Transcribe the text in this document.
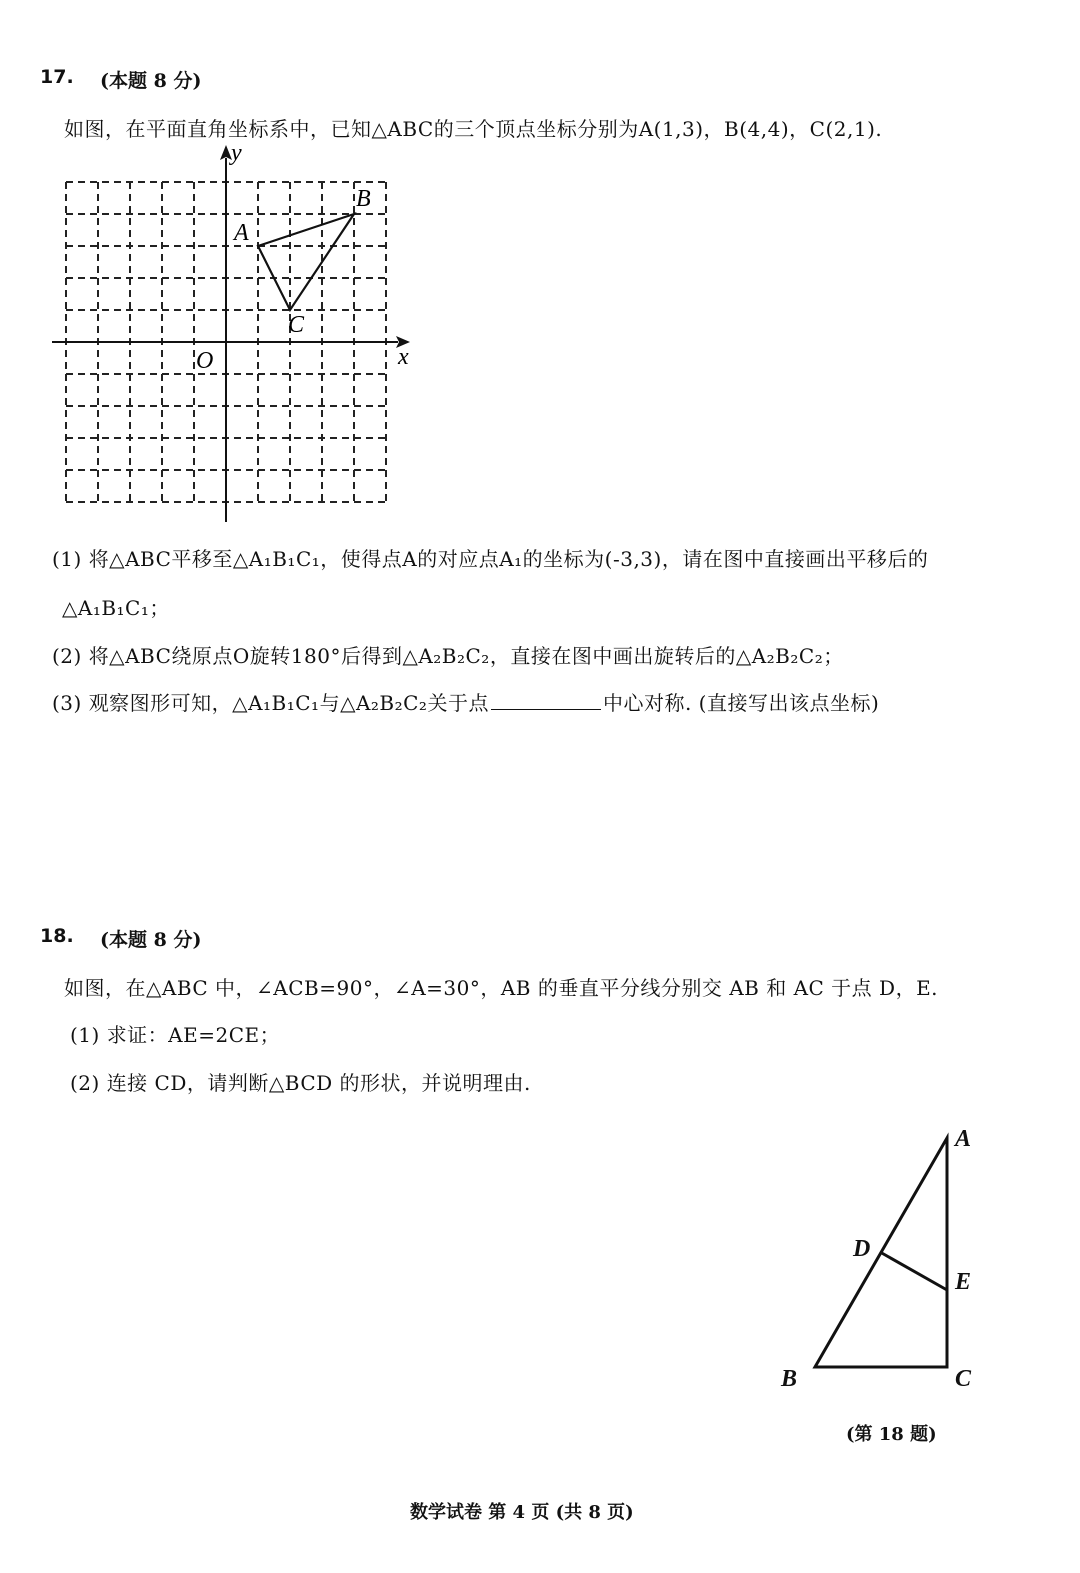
17. (本题 8 分)
如图，在平面直角坐标系中，已知△ABC的三个顶点坐标分别为A(1,3)，B(4,4)，C(2,1).
x
y
O
A
B
C
(1) 将△ABC平移至△A₁B₁C₁，使得点A的对应点A₁的坐标为(-3,3)，请在图中直接画出平移后的
△A₁B₁C₁；
(2) 将△ABC绕原点O旋转180°后得到△A₂B₂C₂，直接在图中画出旋转后的△A₂B₂C₂；
(3) 观察图形可知，△A₁B₁C₁与△A₂B₂C₂关于点	中心对称. (直接写出该点坐标)
18. (本题 8 分)
如图，在△ABC 中，∠ACB=90°，∠A=30°，AB 的垂直平分线分别交 AB 和 AC 于点 D，E.
(1) 求证：AE=2CE；
(2) 连接 CD，请判断△BCD 的形状，并说明理由.
A
B	C
D
E
(第 18 题)
数学试卷 第 4 页 (共 8 页)
